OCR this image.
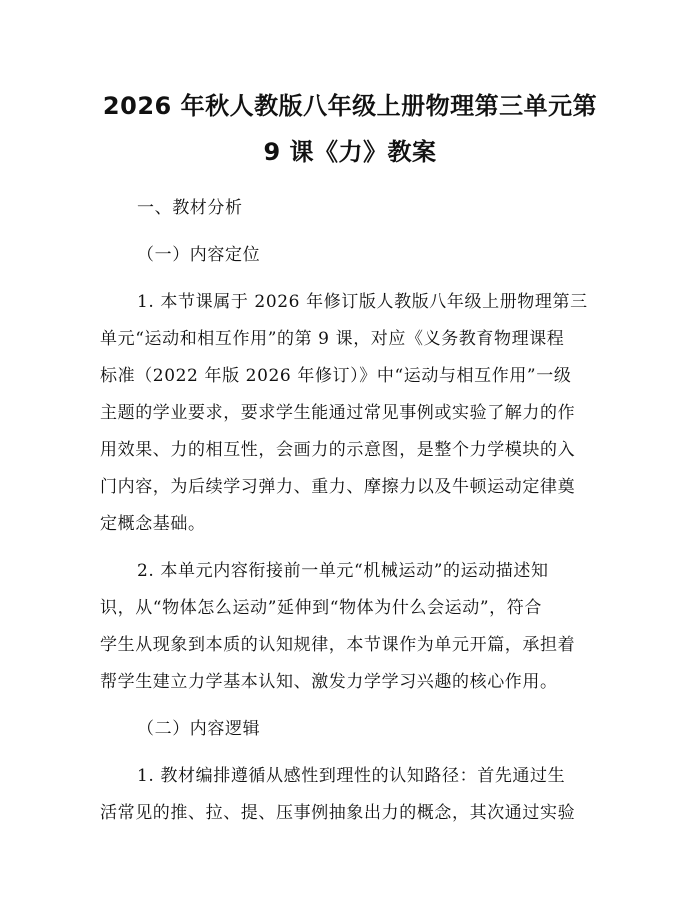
2026 年秋人教版八年级上册物理第三单元第
9 课《力》教案
一、教材分析
（一）内容定位
1. 本节课属于 2026 年修订版人教版八年级上册物理第三
单元“运动和相互作用”的第 9 课，对应《义务教育物理课程
标准（2022 年版 2026 年修订）》中“运动与相互作用”一级
主题的学业要求，要求学生能通过常见事例或实验了解力的作
用效果、力的相互性，会画力的示意图，是整个力学模块的入
门内容，为后续学习弹力、重力、摩擦力以及牛顿运动定律奠
定概念基础。
2. 本单元内容衔接前一单元“机械运动”的运动描述知
识，从“物体怎么运动”延伸到“物体为什么会运动”，符合
学生从现象到本质的认知规律，本节课作为单元开篇，承担着
帮学生建立力学基本认知、激发力学学习兴趣的核心作用。
（二）内容逻辑
1. 教材编排遵循从感性到理性的认知路径：首先通过生
活常见的推、拉、提、压事例抽象出力的概念，其次通过实验
